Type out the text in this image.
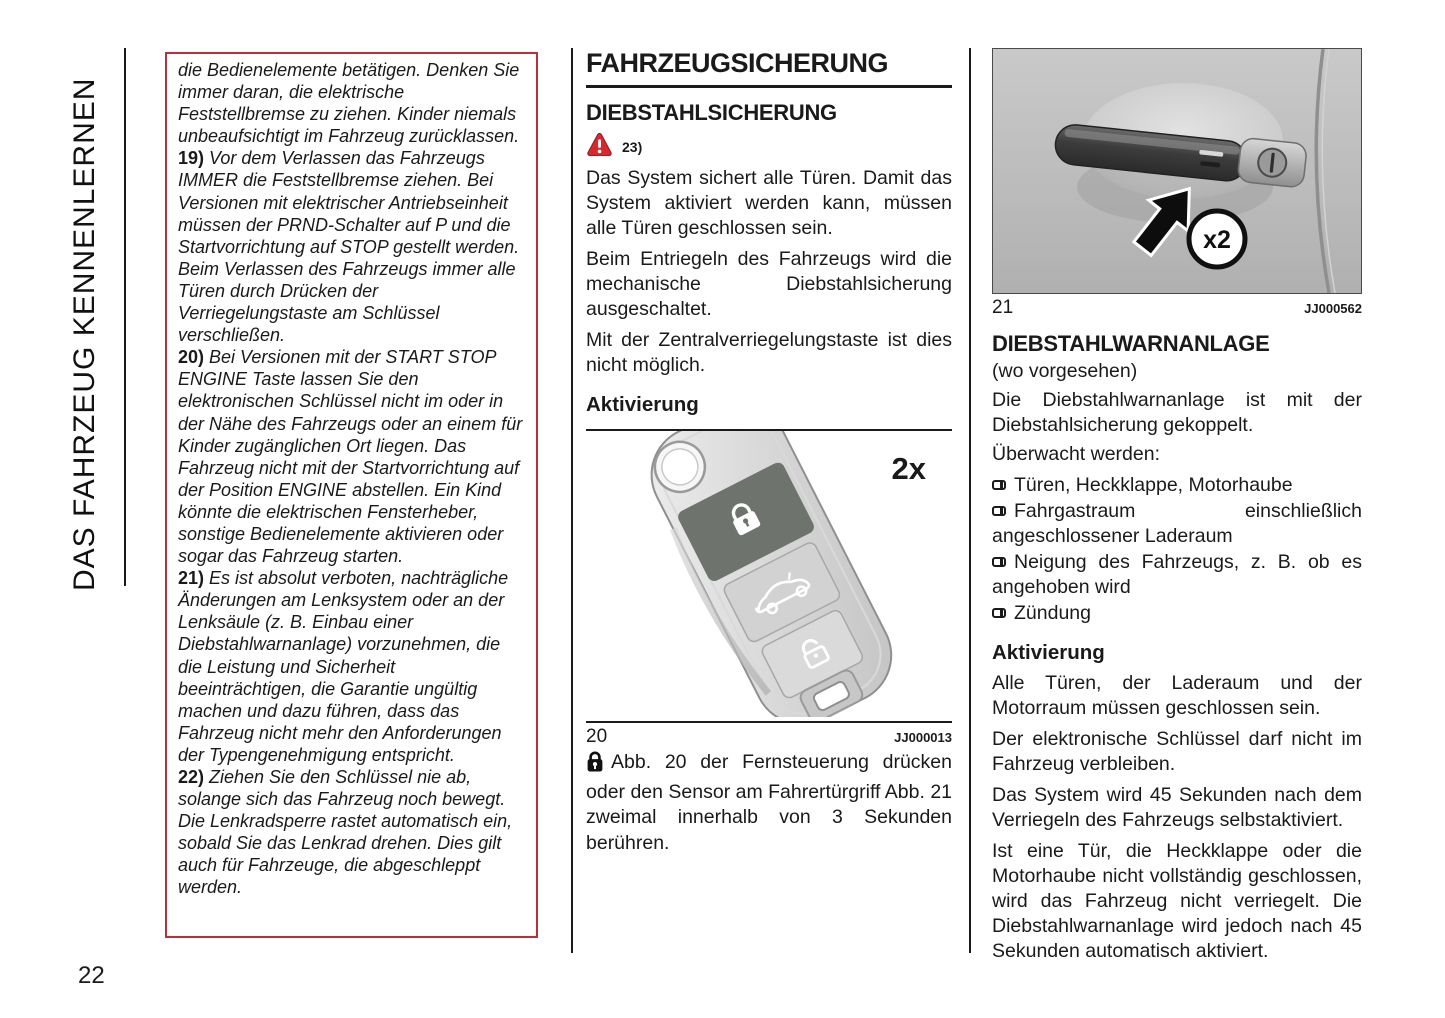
DAS FAHRZEUG KENNENLERNEN

die Bedienelemente betätigen. Denken Sie immer daran, die elektrische Feststellbremse zu ziehen. Kinder niemals unbeaufsichtigt im Fahrzeug zurücklassen.

19) Vor dem Verlassen das Fahrzeugs IMMER die Feststellbremse ziehen. Bei Versionen mit elektrischer Antriebseinheit müssen der PRND-Schalter auf P und die Startvorrichtung auf STOP gestellt werden. Beim Verlassen des Fahrzeugs immer alle Türen durch Drücken der Verriegelungstaste am Schlüssel verschließen.

20) Bei Versionen mit der START STOP ENGINE Taste lassen Sie den elektronischen Schlüssel nicht im oder in der Nähe des Fahrzeugs oder an einem für Kinder zugänglichen Ort liegen. Das Fahrzeug nicht mit der Startvorrichtung auf der Position ENGINE abstellen. Ein Kind könnte die elektrischen Fensterheber, sonstige Bedienelemente aktivieren oder sogar das Fahrzeug starten.

21) Es ist absolut verboten, nachträgliche Änderungen am Lenksystem oder an der Lenksäule (z. B. Einbau einer Diebstahlwarnanlage) vorzunehmen, die die Leistung und Sicherheit beeinträchtigen, die Garantie ungültig machen und dazu führen, dass das Fahrzeug nicht mehr den Anforderungen der Typengenehmigung entspricht.

22) Ziehen Sie den Schlüssel nie ab, solange sich das Fahrzeug noch bewegt. Die Lenkradsperre rastet automatisch ein, sobald Sie das Lenkrad drehen. Dies gilt auch für Fahrzeuge, die abgeschleppt werden.

FAHRZEUGSICHERUNG
DIEBSTAHLSICHERUNG
23)

Das System sichert alle Türen. Damit das System aktiviert werden kann, müssen alle Türen geschlossen sein.

Beim Entriegeln des Fahrzeugs wird die mechanische Diebstahlsicherung ausgeschaltet.

Mit der Zentralverriegelungstaste ist dies nicht möglich.

Aktivierung
2x
20	JJ000013

Abb. 20 der Fernsteuerung drücken oder den Sensor am Fahrertürgriff Abb. 21 zweimal innerhalb von 3 Sekunden berühren.

x2
21	JJ000562
DIEBSTAHLWARNANLAGE

(wo vorgesehen)

Die Diebstahlwarnanlage ist mit der Diebstahlsicherung gekoppelt.

Überwacht werden:

Türen, Heckklappe, Motorhaube

Fahrgastraum einschließlich angeschlossener Laderaum

Neigung des Fahrzeugs, z. B. ob es angehoben wird

Zündung

Aktivierung

Alle Türen, der Laderaum und der Motorraum müssen geschlossen sein.

Der elektronische Schlüssel darf nicht im Fahrzeug verbleiben.

Das System wird 45 Sekunden nach dem Verriegeln des Fahrzeugs selbstaktiviert.

Ist eine Tür, die Heckklappe oder die Motorhaube nicht vollständig geschlossen, wird das Fahrzeug nicht verriegelt. Die Diebstahlwarnanlage wird jedoch nach 45 Sekunden automatisch aktiviert.

22
